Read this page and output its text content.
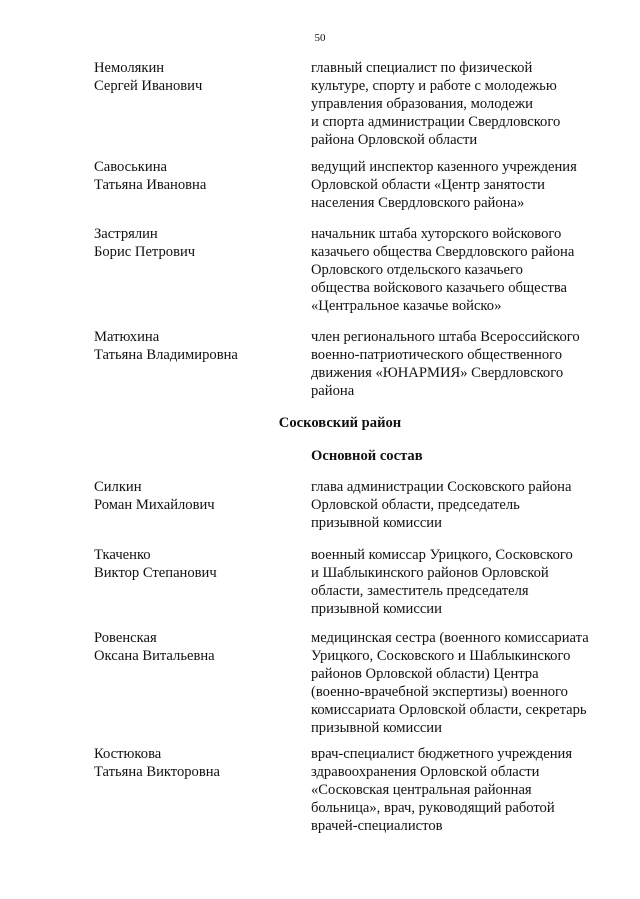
50
Немолякин
Сергей Иванович
главный специалист по физической
культуре, спорту и работе с молодежью
управления образования, молодежи
и спорта администрации Свердловского
района Орловской области
Савоськина
Татьяна Ивановна
ведущий инспектор казенного учреждения
Орловской области «Центр занятости
населения Свердловского района»
Застрялин
Борис Петрович
начальник штаба хуторского войскового
казачьего общества Свердловского района
Орловского отдельского казачьего
общества войскового казачьего общества
«Центральное казачье войско»
Матюхина
Татьяна Владимировна
член регионального штаба Всероссийского
военно-патриотического общественного
движения «ЮНАРМИЯ» Свердловского
района
Сосковский район
Основной состав
Силкин
Роман Михайлович
глава администрации Сосковского района
Орловской области, председатель
призывной комиссии
Ткаченко
Виктор Степанович
военный комиссар Урицкого, Сосковского
и Шаблыкинского районов Орловской
области, заместитель председателя
призывной комиссии
Ровенская
Оксана Витальевна
медицинская сестра (военного комиссариата
Урицкого, Сосковского и Шаблыкинского
районов Орловской области) Центра
(военно-врачебной экспертизы) военного
комиссариата Орловской области, секретарь
призывной комиссии
Костюкова
Татьяна Викторовна
врач-специалист бюджетного учреждения
здравоохранения Орловской области
«Сосковская центральная районная
больница», врач, руководящий работой
врачей-специалистов
